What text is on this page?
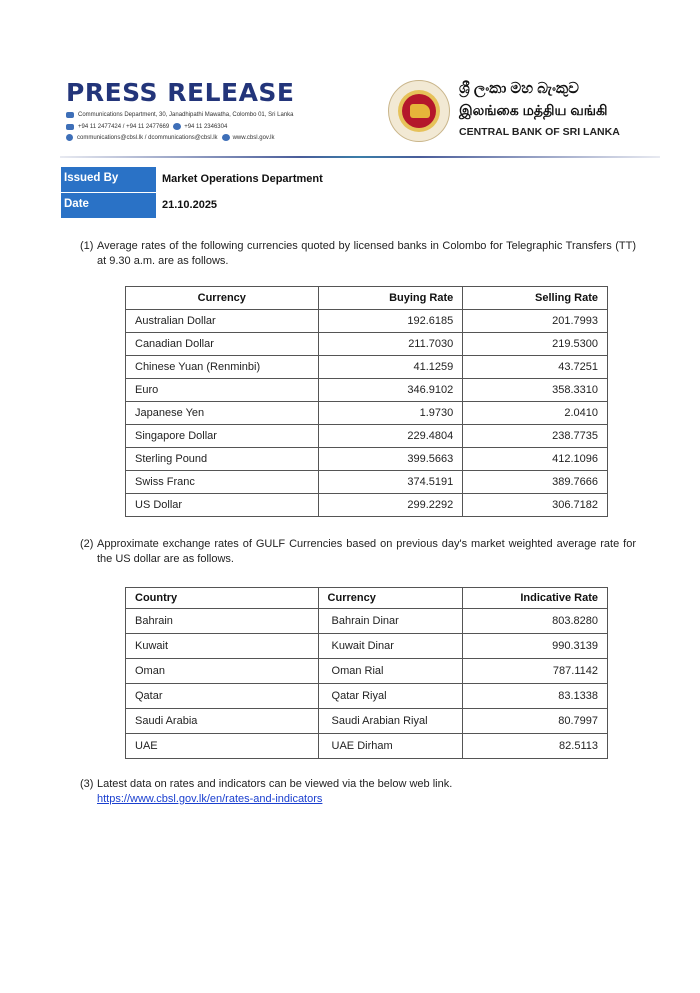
PRESS RELEASE
Communications Department, 30, Janadhipathi Mawatha, Colombo 01, Sri Lanka
+94 11 2477424 / +94 11 2477669	+94 11 2346304
communications@cbsl.lk / dcommunications@cbsl.lk	www.cbsl.gov.lk
ශ්‍රී ලංකා මහ බැංකුව
இலங்கை மத்திய வங்கி
CENTRAL BANK OF SRI LANKA
Issued By	Market Operations Department
Date	21.10.2025
(1) Average rates of the following currencies quoted by licensed banks in Colombo for Telegraphic Transfers (TT) at 9.30 a.m. are as follows.
Currency	Buying Rate	Selling Rate
Australian Dollar	192.6185	201.7993
Canadian Dollar	211.7030	219.5300
Chinese Yuan (Renminbi)	41.1259	43.7251
Euro	346.9102	358.3310
Japanese Yen	1.9730	2.0410
Singapore Dollar	229.4804	238.7735
Sterling Pound	399.5663	412.1096
Swiss Franc	374.5191	389.7666
US Dollar	299.2292	306.7182
(2) Approximate exchange rates of GULF Currencies based on previous day's market weighted average rate for the US dollar are as follows.
Country	Currency	Indicative Rate
Bahrain	Bahrain Dinar	803.8280
Kuwait	Kuwait Dinar	990.3139
Oman	Oman Rial	787.1142
Qatar	Qatar Riyal	83.1338
Saudi Arabia	Saudi Arabian Riyal	80.7997
UAE	UAE Dirham	82.5113
(3) Latest data on rates and indicators can be viewed via the below web link.
https://www.cbsl.gov.lk/en/rates-and-indicators
